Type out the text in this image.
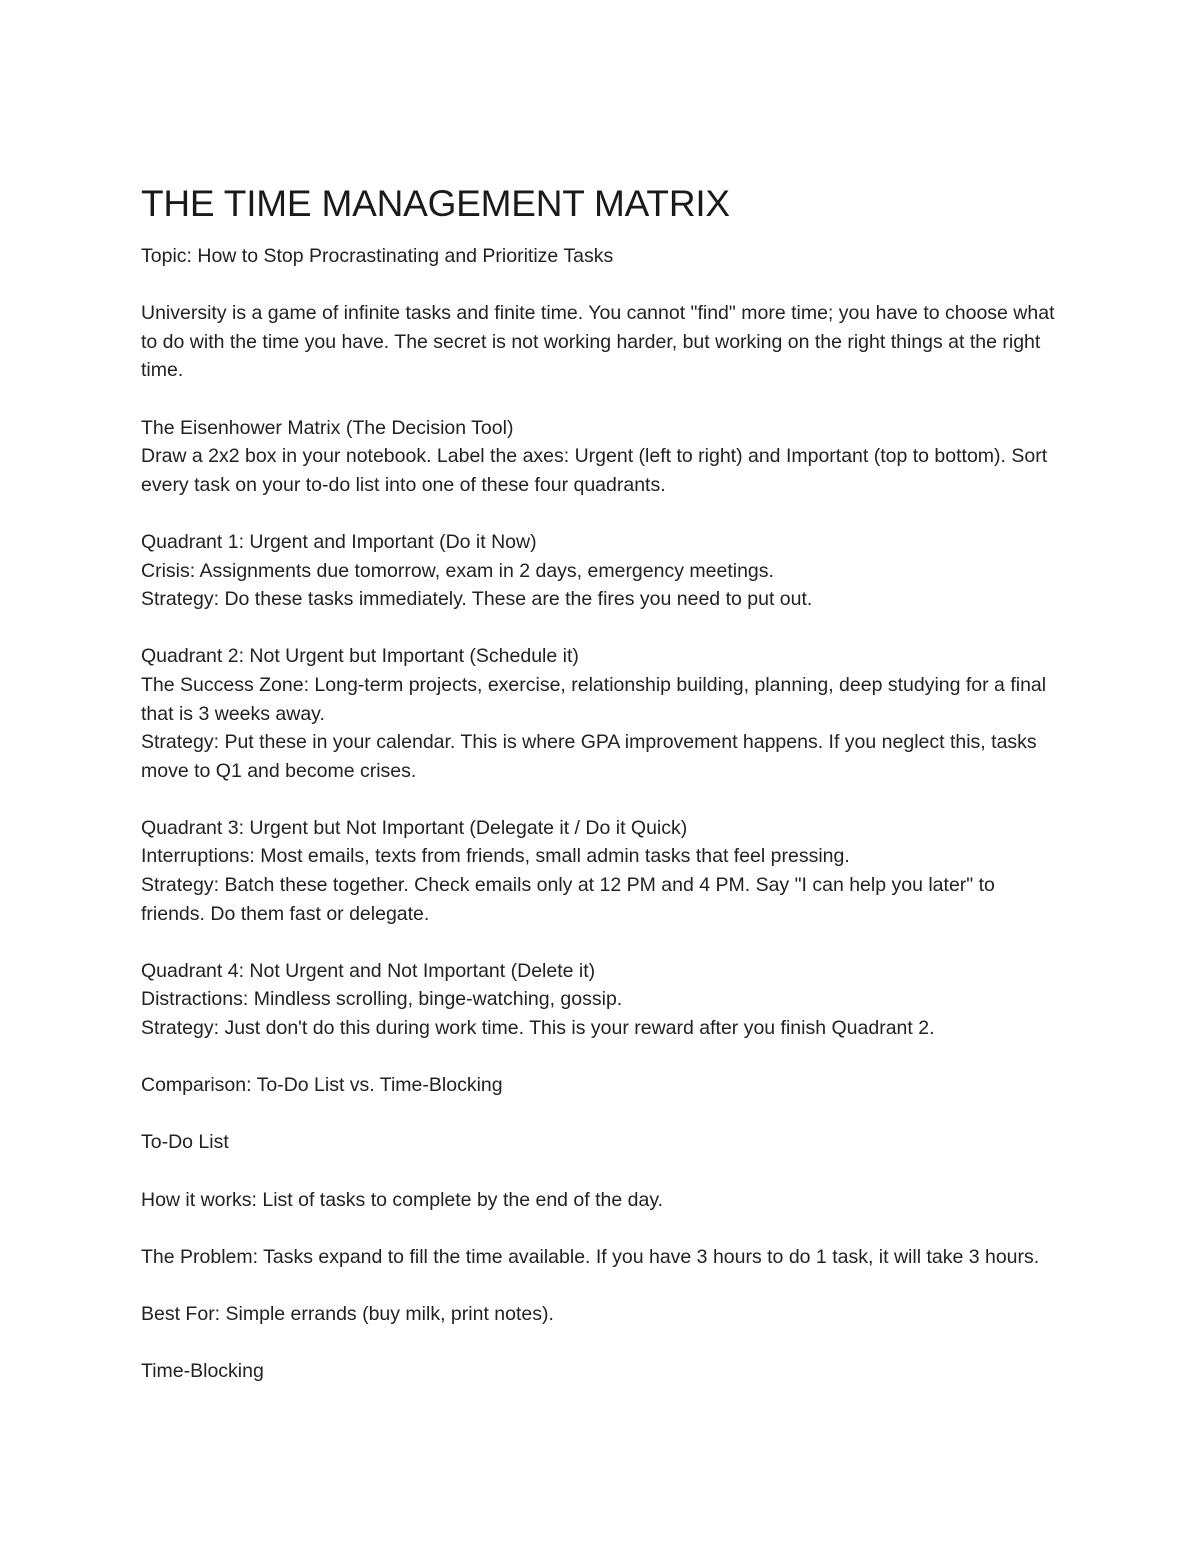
THE TIME MANAGEMENT MATRIX

Topic: How to Stop Procrastinating and Prioritize Tasks

University is a game of infinite tasks and finite time. You cannot "find" more time; you have to choose what to do with the time you have. The secret is not working harder, but working on the right things at the right time.

The Eisenhower Matrix (The Decision Tool)

Draw a 2x2 box in your notebook. Label the axes: Urgent (left to right) and Important (top to bottom). Sort every task on your to-do list into one of these four quadrants.

Quadrant 1: Urgent and Important (Do it Now)

Crisis: Assignments due tomorrow, exam in 2 days, emergency meetings.

Strategy: Do these tasks immediately. These are the fires you need to put out.

Quadrant 2: Not Urgent but Important (Schedule it)

The Success Zone: Long-term projects, exercise, relationship building, planning, deep studying for a final that is 3 weeks away.

Strategy: Put these in your calendar. This is where GPA improvement happens. If you neglect this, tasks move to Q1 and become crises.

Quadrant 3: Urgent but Not Important (Delegate it / Do it Quick)

Interruptions: Most emails, texts from friends, small admin tasks that feel pressing.

Strategy: Batch these together. Check emails only at 12 PM and 4 PM. Say "I can help you later" to friends. Do them fast or delegate.

Quadrant 4: Not Urgent and Not Important (Delete it)

Distractions: Mindless scrolling, binge-watching, gossip.

Strategy: Just don't do this during work time. This is your reward after you finish Quadrant 2.

Comparison: To-Do List vs. Time-Blocking

To-Do List

How it works: List of tasks to complete by the end of the day.

The Problem: Tasks expand to fill the time available. If you have 3 hours to do 1 task, it will take 3 hours.

Best For: Simple errands (buy milk, print notes).

Time-Blocking
